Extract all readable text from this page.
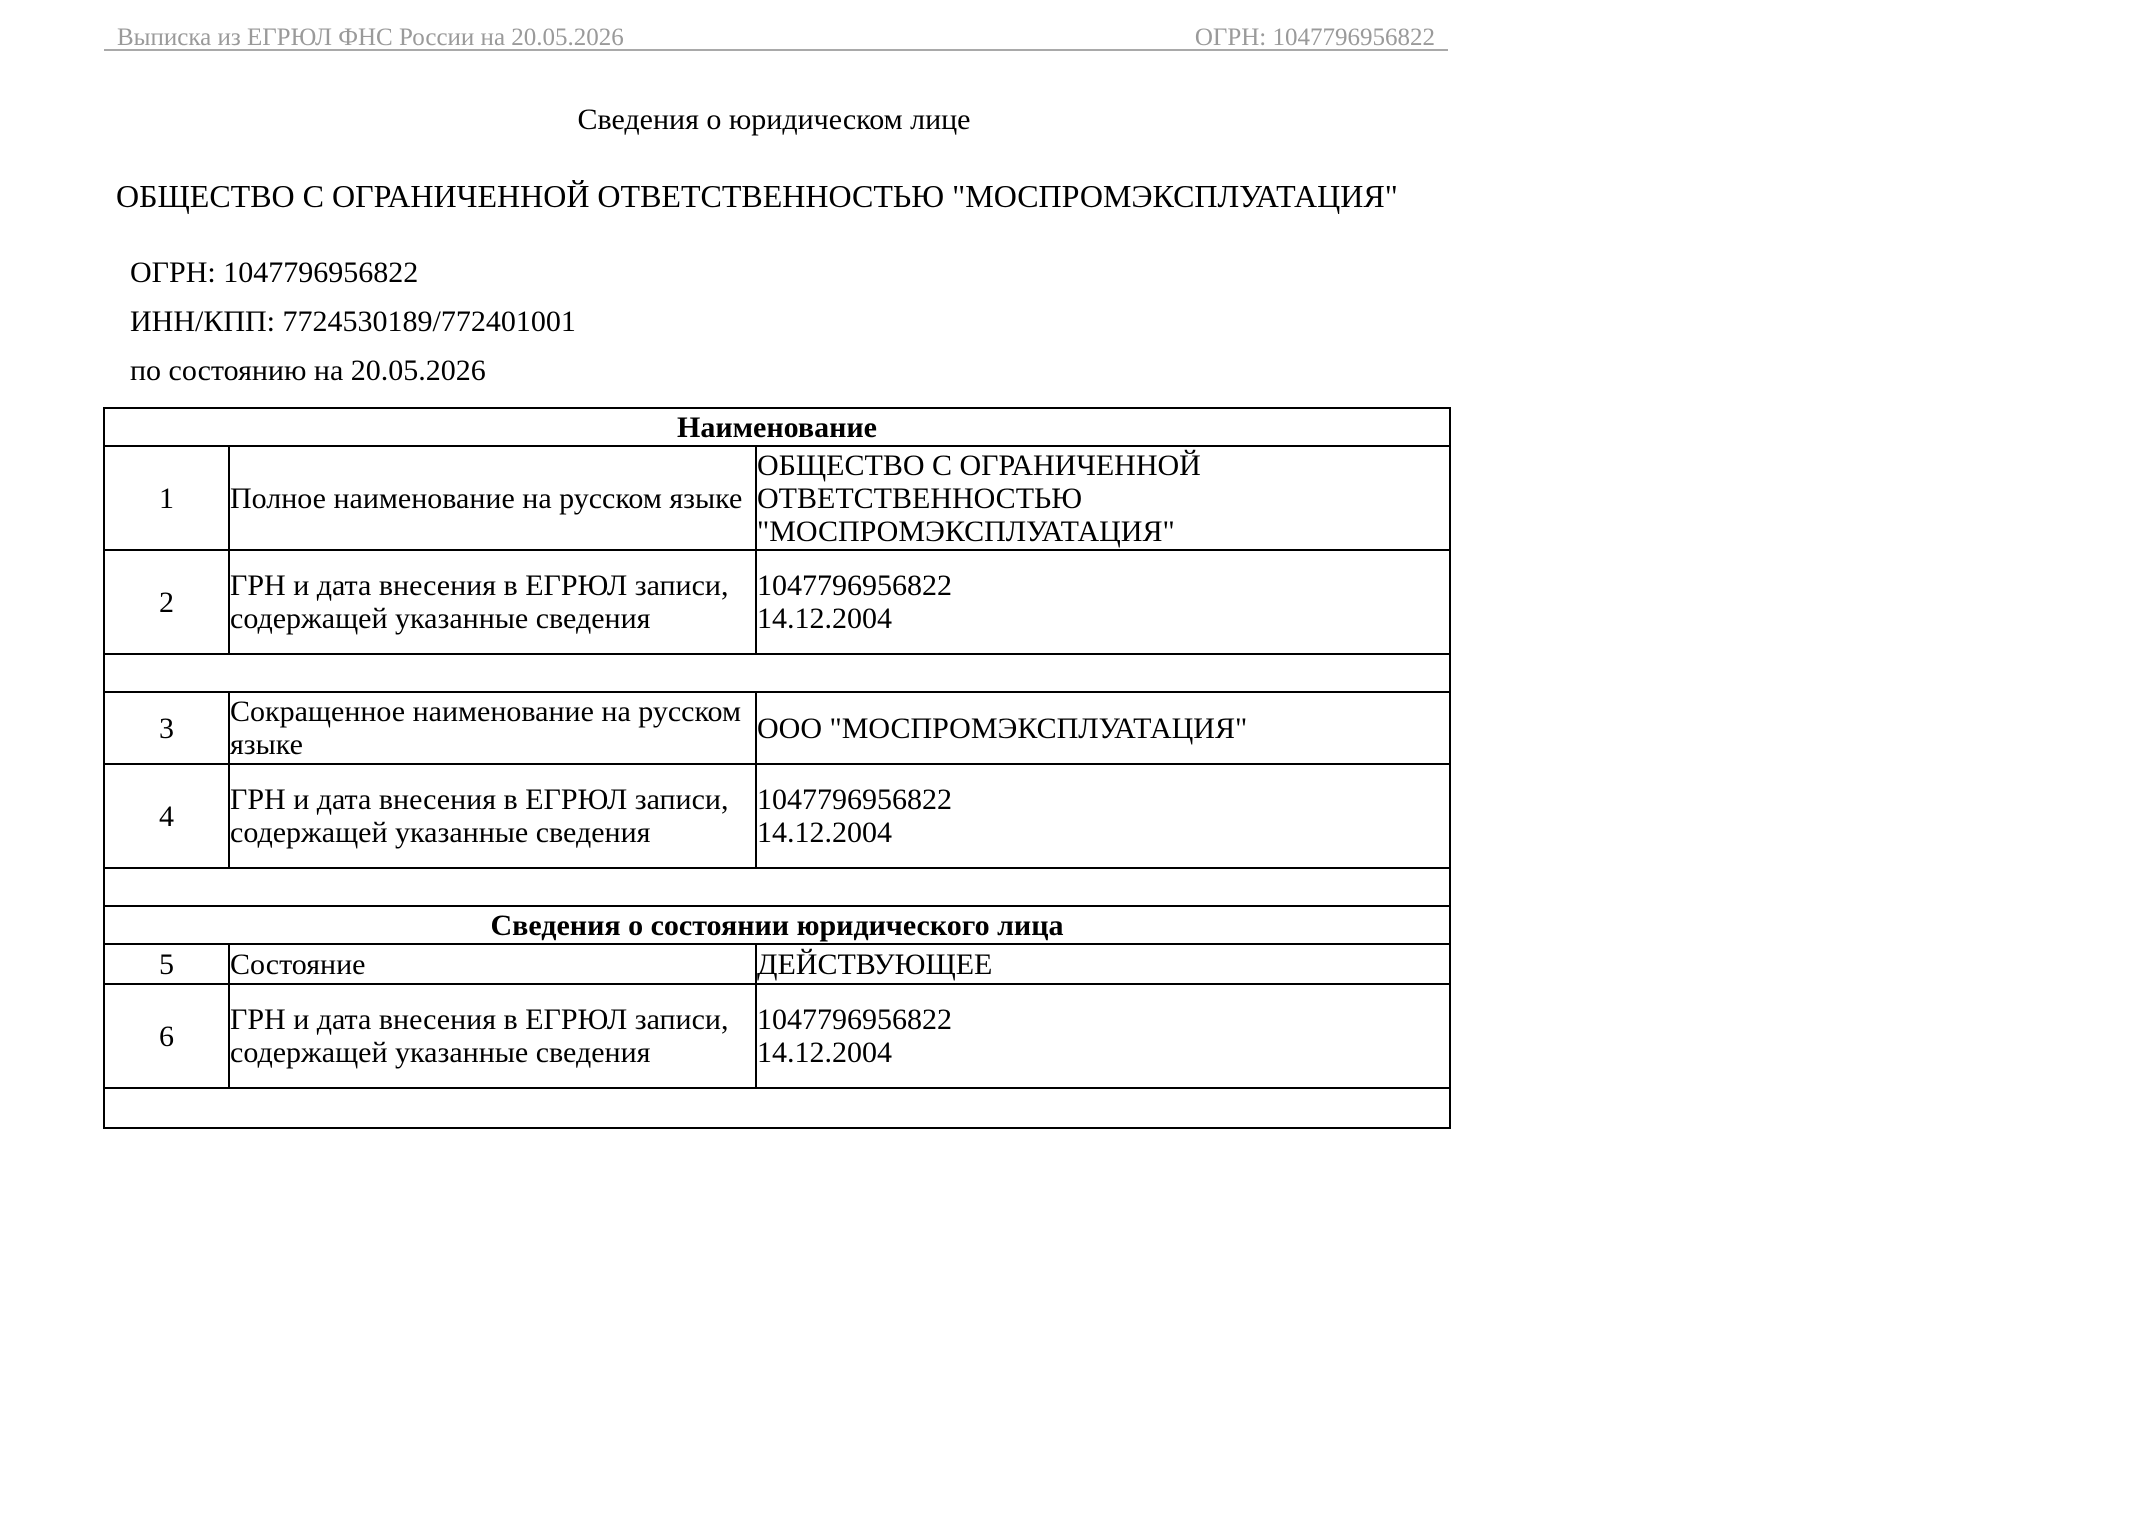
Выписка из ЕГРЮЛ ФНС России на 20.05.2026	ОГРН: 1047796956822
Сведения о юридическом лице
ОБЩЕСТВО С ОГРАНИЧЕННОЙ ОТВЕТСТВЕННОСТЬЮ "МОСПРОМЭКСПЛУАТАЦИЯ"
ОГРН: 1047796956822
ИНН/КПП: 7724530189/772401001
по состоянию на 20.05.2026
Наименование		
1	Полное наименование на русском языке	ОБЩЕСТВО С ОГРАНИЧЕННОЙ
ОТВЕТСТВЕННОСТЬЮ
"МОСПРОМЭКСПЛУАТАЦИЯ"

2	ГРН и дата внесения в ЕГРЮЛ записи, содержащей указанные сведения	1047796956822
14.12.2004

3	Сокращенное наименование на русском языке	ООО "МОСПРОМЭКСПЛУАТАЦИЯ"

4	ГРН и дата внесения в ЕГРЮЛ записи, содержащей указанные сведения	1047796956822
14.12.2004

Сведения о состоянии юридического лица		
5	Состояние	ДЕЙСТВУЮЩЕЕ

6	ГРН и дата внесения в ЕГРЮЛ записи, содержащей указанные сведения	1047796956822
14.12.2004
